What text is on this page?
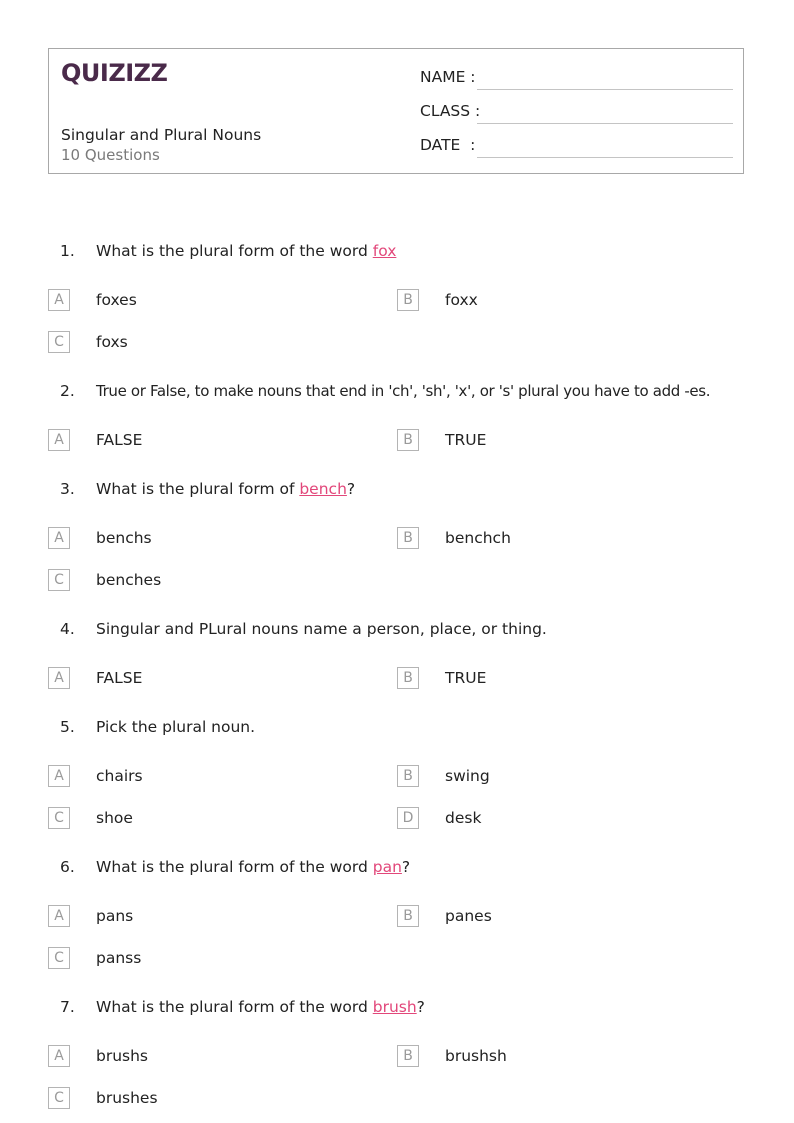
QUIZIZZ
Singular and Plural Nouns
10 Questions
NAME :
CLASS :
DATE  :
1. What is the plural form of the word fox
A	foxes	B	foxx
C	foxs
2. True or False, to make nouns that end in 'ch', 'sh', 'x', or 's' plural you have to add -es.
A	FALSE	B	TRUE
3. What is the plural form of bench?
A	benchs	B	benchch
C	benches
4. Singular and PLural nouns name a person, place, or thing.
A	FALSE	B	TRUE
5. Pick the plural noun.
A	chairs	B	swing
C	shoe	D	desk
6. What is the plural form of the word pan?
A	pans	B	panes
C	panss
7. What is the plural form of the word brush?
A	brushs	B	brushsh
C	brushes
